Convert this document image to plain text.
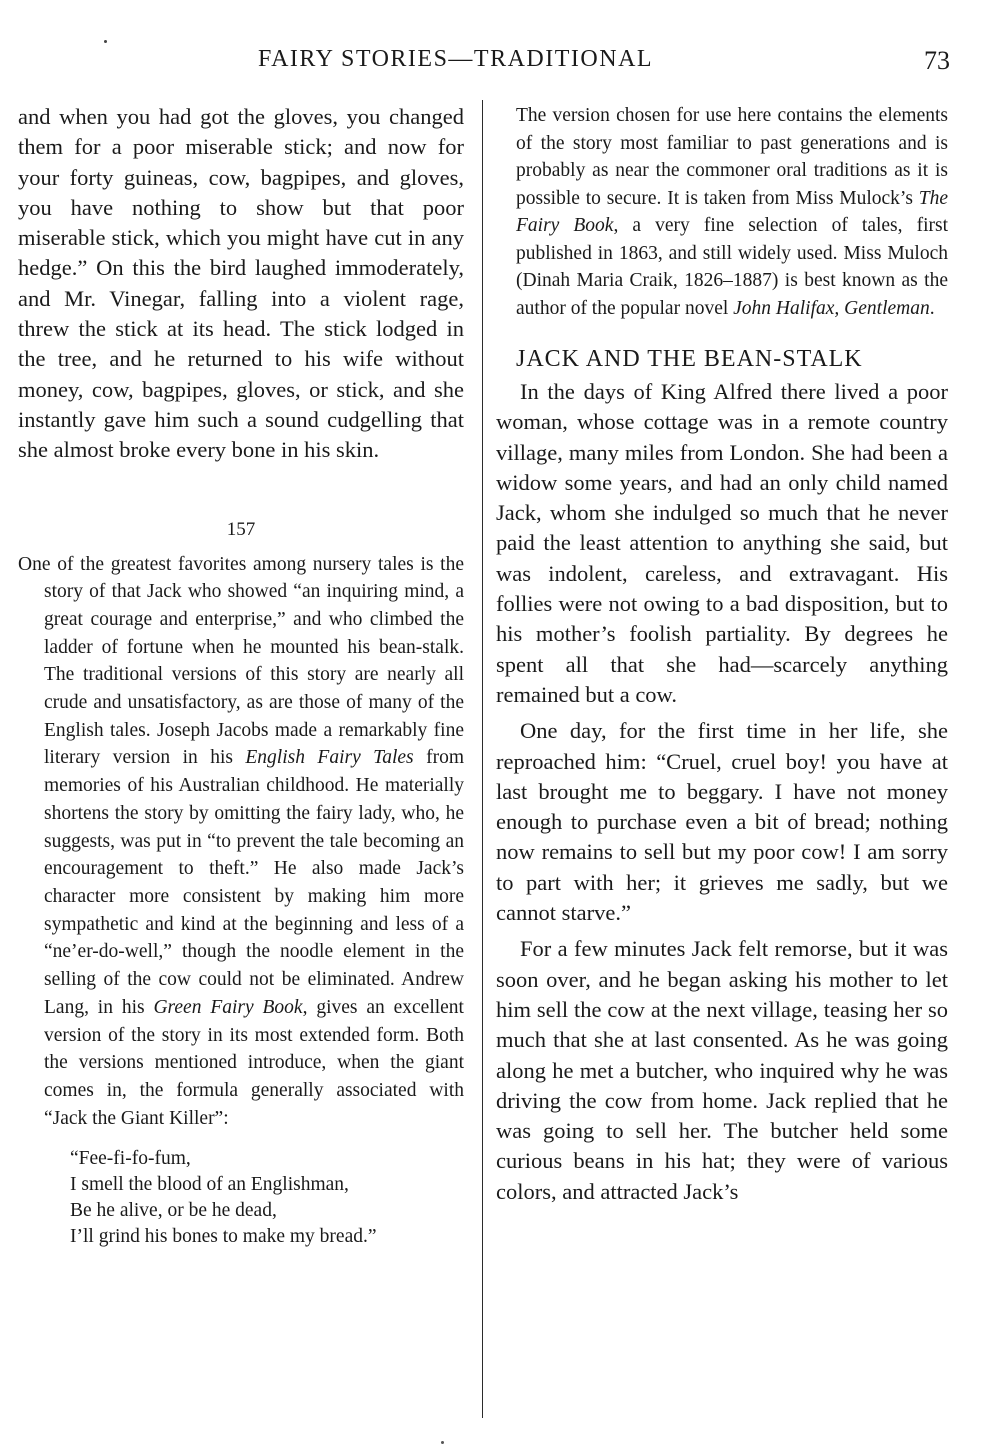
FAIRY STORIES—TRADITIONAL	73

and when you had got the gloves, you changed them for a poor miserable stick; and now for your forty guineas, cow, bagpipes, and gloves, you have nothing to show but that poor miserable stick, which you might have cut in any hedge.” On this the bird laughed immoderately, and Mr. Vinegar, falling into a violent rage, threw the stick at its head. The stick lodged in the tree, and he returned to his wife without money, cow, bagpipes, gloves, or stick, and she instantly gave him such a sound cudgelling that she almost broke every bone in his skin.

157

One of the greatest favorites among nursery tales is the story of that Jack who showed “an inquiring mind, a great courage and enterprise,” and who climbed the ladder of fortune when he mounted his bean-stalk. The traditional versions of this story are nearly all crude and unsatisfactory, as are those of many of the English tales. Joseph Jacobs made a remarkably fine literary version in his English Fairy Tales from memories of his Australian childhood. He materially shortens the story by omitting the fairy lady, who, he suggests, was put in “to prevent the tale becoming an encouragement to theft.” He also made Jack’s character more consistent by making him more sympathetic and kind at the beginning and less of a “ne’er-do-well,” though the noodle element in the selling of the cow could not be eliminated. Andrew Lang, in his Green Fairy Book, gives an excellent version of the story in its most extended form. Both the versions mentioned introduce, when the giant comes in, the formula generally associated with “Jack the Giant Killer”:

“Fee-fi-fo-fum,
I smell the blood of an Englishman,
Be he alive, or be he dead,
I’ll grind his bones to make my bread.”

The version chosen for use here contains the elements of the story most familiar to past generations and is probably as near the commoner oral traditions as it is possible to secure. It is taken from Miss Mulock’s The Fairy Book, a very fine selection of tales, first published in 1863, and still widely used. Miss Muloch (Dinah Maria Craik, 1826–1887) is best known as the author of the popular novel John Halifax, Gentleman.

JACK AND THE BEAN-STALK

In the days of King Alfred there lived a poor woman, whose cottage was in a remote country village, many miles from London. She had been a widow some years, and had an only child named Jack, whom she indulged so much that he never paid the least attention to anything she said, but was indolent, careless, and extravagant. His follies were not owing to a bad disposition, but to his mother’s foolish partiality. By degrees he spent all that she had—scarcely anything remained but a cow.

One day, for the first time in her life, she reproached him: “Cruel, cruel boy! you have at last brought me to beggary. I have not money enough to purchase even a bit of bread; nothing now remains to sell but my poor cow! I am sorry to part with her; it grieves me sadly, but we cannot starve.”

For a few minutes Jack felt remorse, but it was soon over, and he began asking his mother to let him sell the cow at the next village, teasing her so much that she at last consented. As he was going along he met a butcher, who inquired why he was driving the cow from home. Jack replied that he was going to sell her. The butcher held some curious beans in his hat; they were of various colors, and attracted Jack’s
